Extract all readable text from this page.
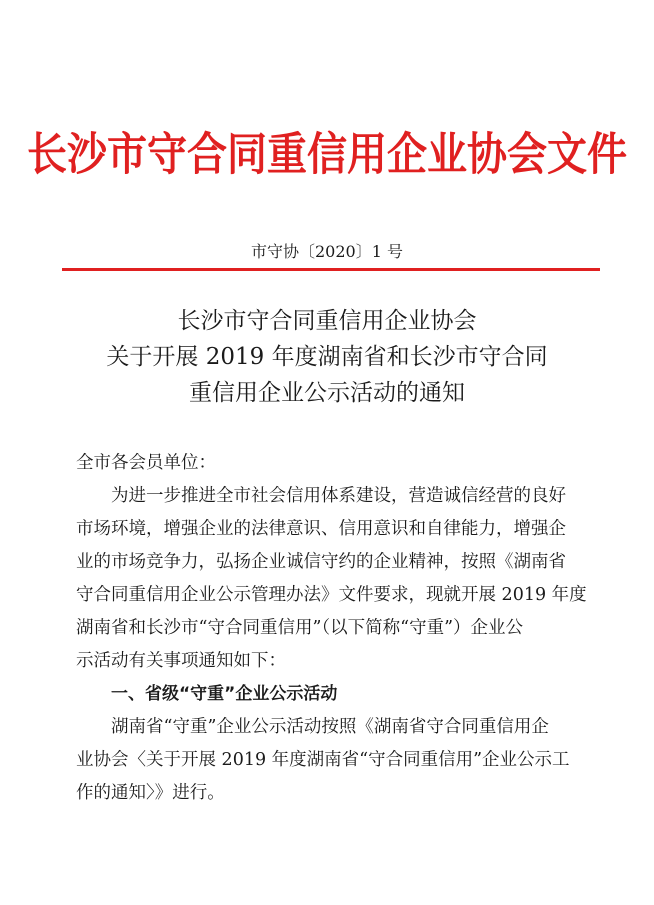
长沙市守合同重信用企业协会文件
市守协〔2020〕1 号
长沙市守合同重信用企业协会
关于开展 2019 年度湖南省和长沙市守合同
重信用企业公示活动的通知

全市各会员单位：

为进一步推进全市社会信用体系建设，营造诚信经营的良好
市场环境，增强企业的法律意识、信用意识和自律能力，增强企
业的市场竞争力，弘扬企业诚信守约的企业精神，按照《湖南省
守合同重信用企业公示管理办法》文件要求，现就开展 2019 年度
湖南省和长沙市“守合同重信用”（以下简称“守重”）企业公
示活动有关事项通知如下：

一、省级“守重”企业公示活动

湖南省“守重”企业公示活动按照《湖南省守合同重信用企
业协会〈关于开展 2019 年度湖南省“守合同重信用”企业公示工
作的通知〉》进行。
